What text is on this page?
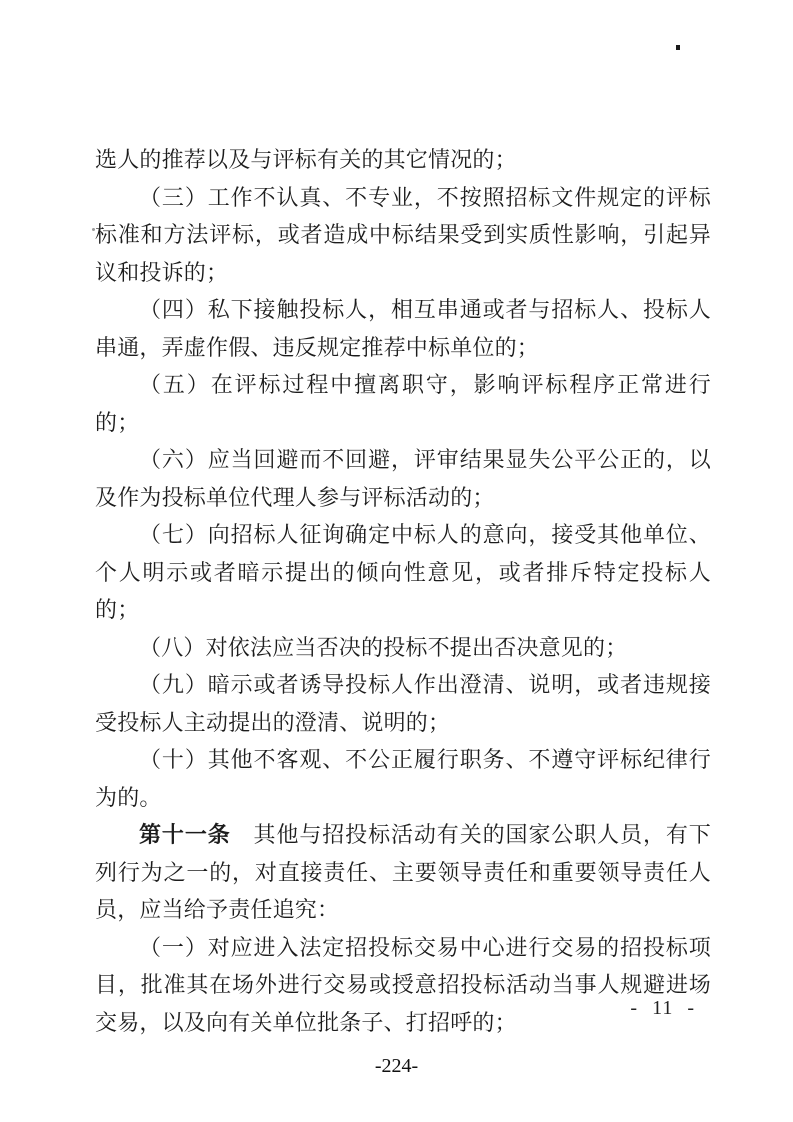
选人的推荐以及与评标有关的其它情况的；

（三）工作不认真、不专业，不按照招标文件规定的评标标准和方法评标，或者造成中标结果受到实质性影响，引起异议和投诉的；

（四）私下接触投标人，相互串通或者与招标人、投标人串通，弄虚作假、违反规定推荐中标单位的；

（五）在评标过程中擅离职守，影响评标程序正常进行的；

（六）应当回避而不回避，评审结果显失公平公正的，以及作为投标单位代理人参与评标活动的；

（七）向招标人征询确定中标人的意向，接受其他单位、个人明示或者暗示提出的倾向性意见，或者排斥特定投标人的；

（八）对依法应当否决的投标不提出否决意见的；

（九）暗示或者诱导投标人作出澄清、说明，或者违规接受投标人主动提出的澄清、说明的；

（十）其他不客观、不公正履行职务、不遵守评标纪律行为的。

第十一条　其他与招投标活动有关的国家公职人员，有下列行为之一的，对直接责任、主要领导责任和重要领导责任人员，应当给予责任追究：

（一）对应进入法定招投标交易中心进行交易的招投标项目，批准其在场外进行交易或授意招投标活动当事人规避进场交易，以及向有关单位批条子、打招呼的；

- 11 -
-224-
